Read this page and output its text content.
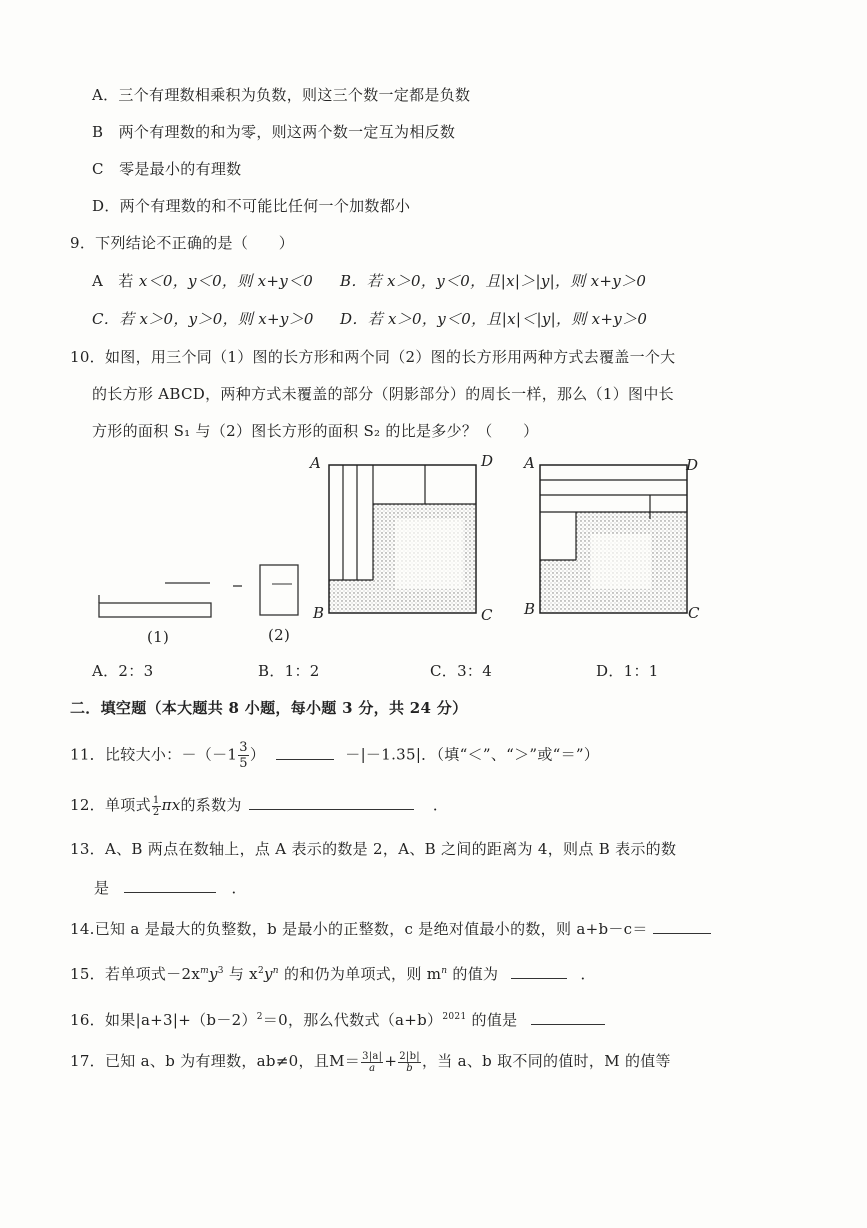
A．三个有理数相乘积为负数，则这三个数一定都是负数
B　两个有理数的和为零，则这两个数一定互为相反数
C　零是最小的有理数
D．两个有理数的和不可能比任何一个加数都小
9．下列结论不正确的是（　　）
A　若 x＜0，y＜0，则 x+y＜0 B．若 x＞0，y＜0，且|x|＞|y|，则 x+y＞0
C．若 x＞0，y＞0，则 x+y＞0 D．若 x＞0，y＜0，且|x|＜|y|，则 x+y＞0
10．如图，用三个同（1）图的长方形和两个同（2）图的长方形用两种方式去覆盖一个大
的长方形 ABCD，两种方式未覆盖的部分（阴影部分）的周长一样，那么（1）图中长
方形的面积 S₁ 与（2）图长方形的面积 S₂ 的比是多少？（　　）
(1)	(2)
A	D
B	C
A	D
B	C
A．2：3	B．1：2	C．3：4	D．1：1
二．填空题（本大题共 8 小题，每小题 3 分，共 24 分）
11．比较大小：$-(-1 \frac{3}{5}$ ）	－|－1.35|．（填“＜”、“＞”或“＝”）
12．单项式 $\frac{1}{2}$ πx的系数为	．
13．A、B 两点在数轴上，点 A 表示的数是 2，A、B 之间的距离为 4，则点 B 表示的数
是	．
14.已知 a 是最大的负整数，b 是最小的正整数，c 是绝对值最小的数，则 a+b－c＝
15．若单项式$-2x^my^3$ 与 $x^2y^n$ 的和仍为单项式，则 $m^n$ 的值为	．
16．如果$|a+3|+(b-2)^2=0$，那么代数式$(a+b)^{2021}$ 的值是
17．已知 a、b 为有理数，ab≠0，且$M= \frac{3|a|}{a} + \frac{2|b|}{b}$ ，当 a、b 取不同的值时，M 的值等
